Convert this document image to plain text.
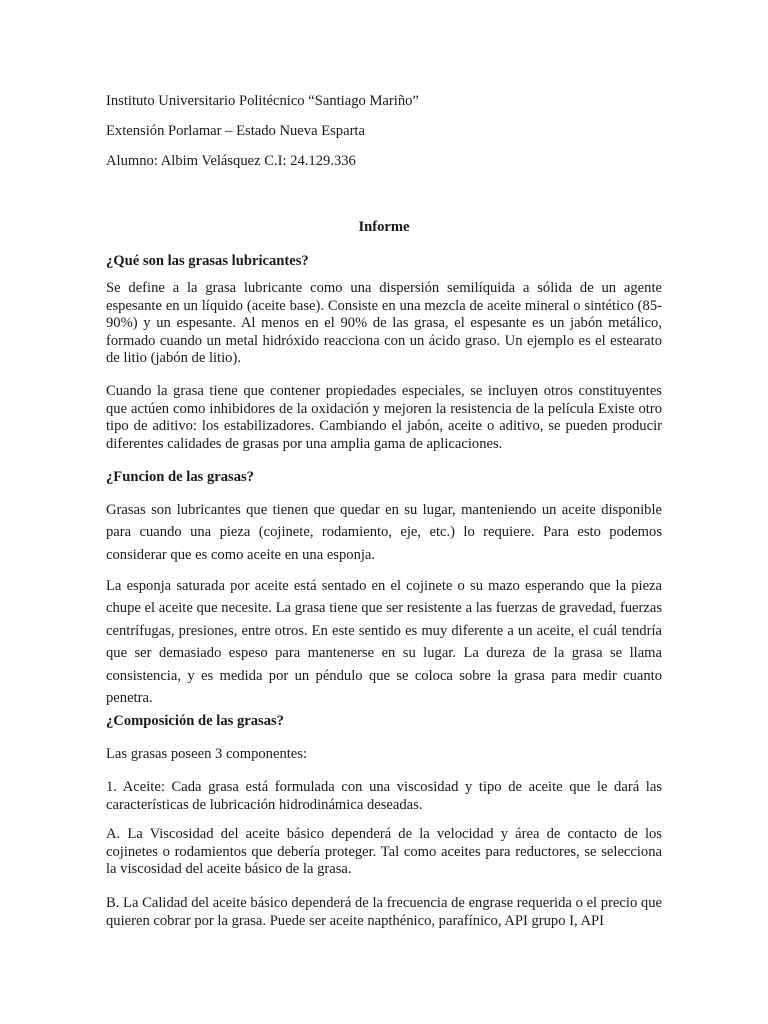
Instituto Universitario Politécnico “Santiago Mariño”
Extensión Porlamar – Estado Nueva Esparta
Alumno: Albim Velásquez C.I: 24.129.336
Informe
¿Qué son las grasas lubricantes?
Se define a la grasa lubricante como una dispersión semilíquida a sólida de un agente espesante en un líquido (aceite base). Consiste en una mezcla de aceite mineral o sintético (85-90%) y un espesante. Al menos en el 90% de las grasa, el espesante es un jabón metálico, formado cuando un metal hidróxido reacciona con un ácido graso. Un ejemplo es el estearato de litio (jabón de litio).
Cuando la grasa tiene que contener propiedades especiales, se incluyen otros constituyentes que actúen como inhibidores de la oxidación y mejoren la resistencia de la película Existe otro tipo de aditivo: los estabilizadores. Cambiando el jabón, aceite o aditivo, se pueden producir diferentes calidades de grasas por una amplia gama de aplicaciones.
¿Funcion de las grasas?
Grasas son lubricantes que tienen que quedar en su lugar, manteniendo un aceite disponible para cuando una pieza (cojinete, rodamiento, eje, etc.) lo requiere. Para esto podemos considerar que es como aceite en una esponja.
La esponja saturada por aceite está sentado en el cojinete o su mazo esperando que la pieza chupe el aceite que necesite. La grasa tiene que ser resistente a las fuerzas de gravedad, fuerzas centrífugas, presiones, entre otros. En este sentido es muy diferente a un aceite, el cuál tendría que ser demasiado espeso para mantenerse en su lugar. La dureza de la grasa se llama consistencia, y es medida por un péndulo que se coloca sobre la grasa para medir cuanto penetra.
¿Composición de las grasas?
Las grasas poseen 3 componentes:
1. Aceite: Cada grasa está formulada con una viscosidad y tipo de aceite que le dará las características de lubricación hidrodinámica deseadas.
A. La Viscosidad del aceite básico dependerá de la velocidad y área de contacto de los cojinetes o rodamientos que debería proteger. Tal como aceites para reductores, se selecciona la viscosidad del aceite básico de la grasa.
B. La Calidad del aceite básico dependerá de la frecuencia de engrase requerida o el precio que quieren cobrar por la grasa. Puede ser aceite napthénico, parafínico, API grupo I, API
